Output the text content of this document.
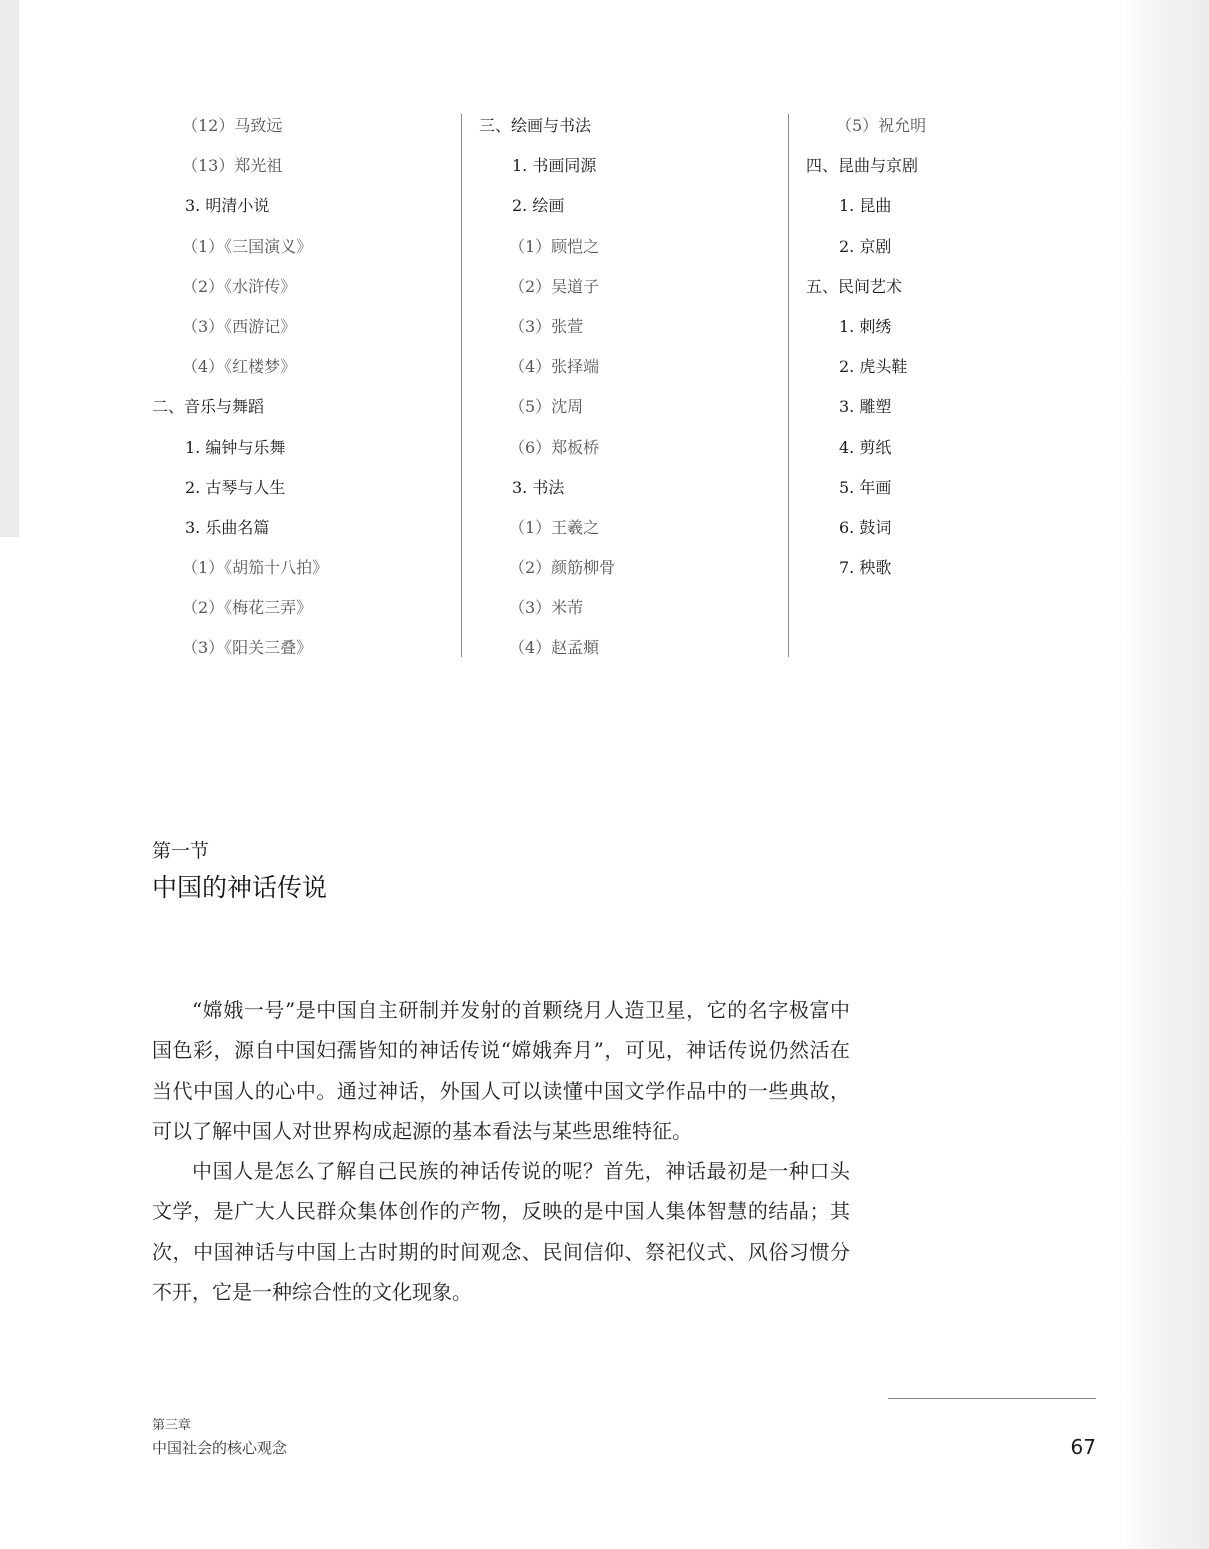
（12）马致远
（13）郑光祖
3. 明清小说
（1）《三国演义》
（2）《水浒传》
（3）《西游记》
（4）《红楼梦》
二、音乐与舞蹈
1. 编钟与乐舞
2. 古琴与人生
3. 乐曲名篇
（1）《胡笳十八拍》
（2）《梅花三弄》
（3）《阳关三叠》
三、绘画与书法
1. 书画同源
2. 绘画
（1）顾恺之
（2）吴道子
（3）张萱
（4）张择端
（5）沈周
（6）郑板桥
3. 书法
（1）王羲之
（2）颜筋柳骨
（3）米芾
（4）赵孟頫
（5）祝允明
四、昆曲与京剧
1. 昆曲
2. 京剧
五、民间艺术
1. 刺绣
2. 虎头鞋
3. 雕塑
4. 剪纸
5. 年画
6. 鼓词
7. 秧歌
第一节
中国的神话传说

“嫦娥一号”是中国自主研制并发射的首颗绕月人造卫星，它的名字极富中国色彩，源自中国妇孺皆知的神话传说“嫦娥奔月”，可见，神话传说仍然活在当代中国人的心中。通过神话，外国人可以读懂中国文学作品中的一些典故，可以了解中国人对世界构成起源的基本看法与某些思维特征。

中国人是怎么了解自己民族的神话传说的呢？首先，神话最初是一种口头文学，是广大人民群众集体创作的产物，反映的是中国人集体智慧的结晶；其次，中国神话与中国上古时期的时间观念、民间信仰、祭祀仪式、风俗习惯分不开，它是一种综合性的文化现象。

第三章
中国社会的核心观念	67
